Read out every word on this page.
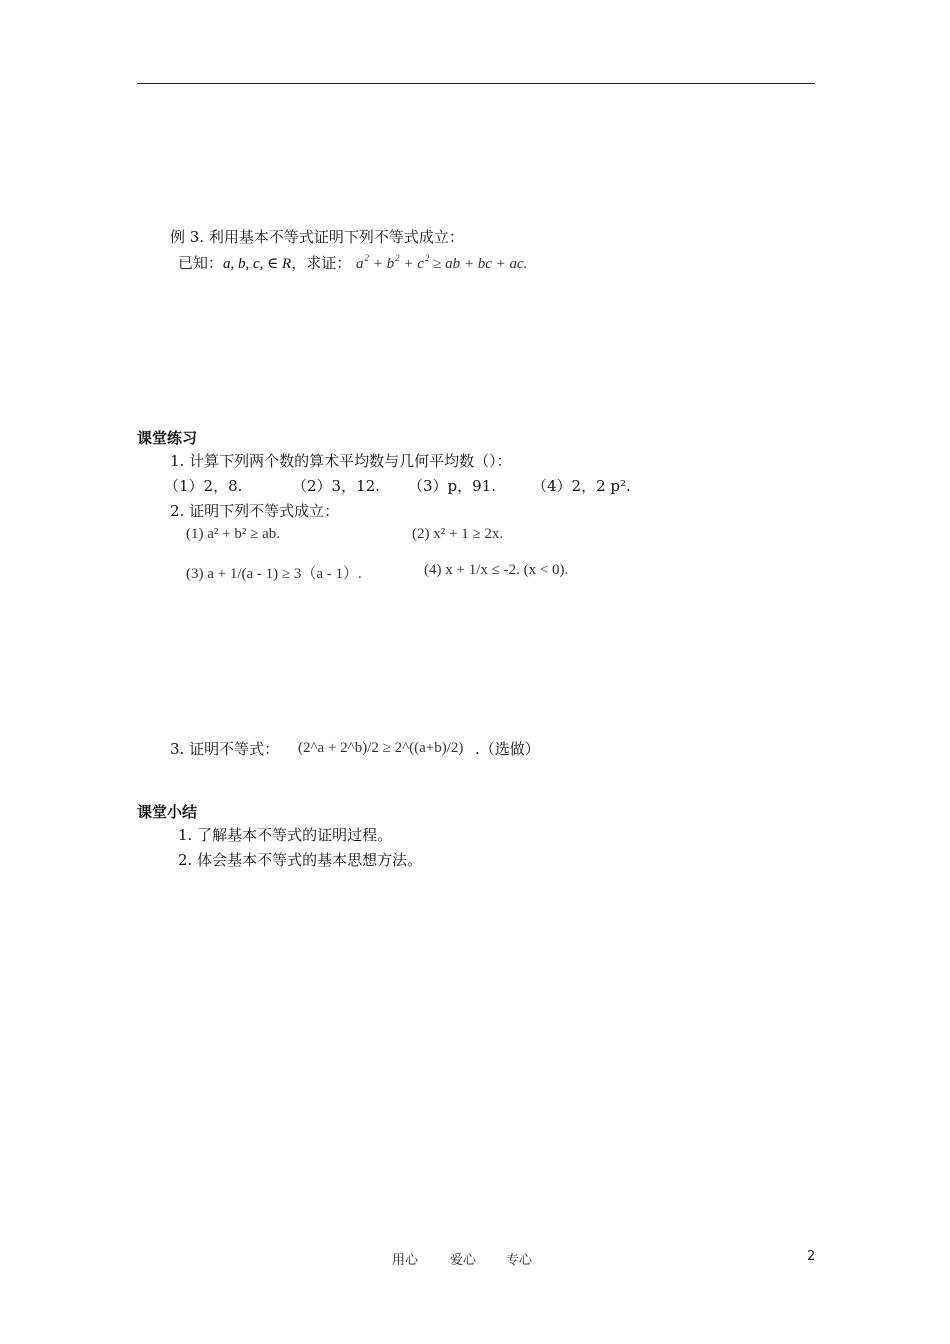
例 3. 利用基本不等式证明下列不等式成立：
已知：a, b, c, ∈ R，求证： $a^2 + b^2 + c^2$ ≥ ab + bc + ac.
课堂练习
1. 计算下列两个数的算术平均数与几何平均数（）：
（1）2，8.	（2）3，12. （3）p，91. （4）2，2 p².
2. 证明下列不等式成立：
(1) a² + b² ≥ ab.	(2) x² + 1 ≥ 2x.
(3) a + 1/(a - 1) ≥ 3（a - 1）.	(4) x + 1/x ≤ -2. (x < 0).
3. 证明不等式： (2^a + 2^b)/2 ≥ 2^((a+b)/2) .（选做）
课堂小结
1. 了解基本不等式的证明过程。
2. 体会基本不等式的基本思想方法。
用心 爱心 专心	2
